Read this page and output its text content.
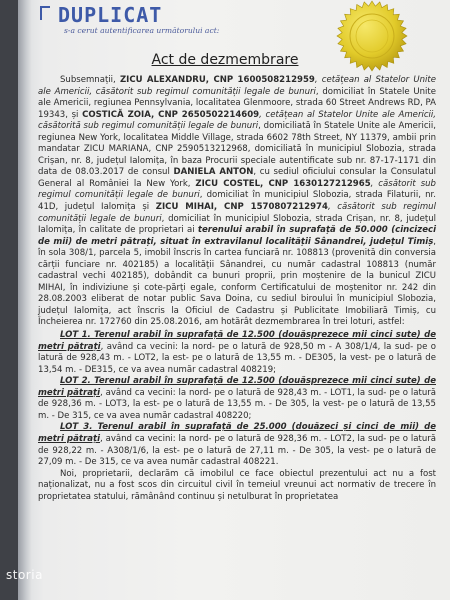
DUPLICAT
s-a cerut autentificarea următorului act:
Act de dezmembrare

Subsemnații, ZICU ALEXANDRU, CNP 1600508212959, cetățean al Statelor Unite ale Americii, căsătorit sub regimul comunității legale de bunuri, domiciliat în Statele Unite ale Americii, regiunea Pennsylvania, localitatea Glenmoore, strada 60 Street Andrews RD, PA 19343, și COSTICĂ ZOIA, CNP 2650502214609, cetățean al Statelor Unite ale Americii, căsătorită sub regimul comunității legale de bunuri, domiciliată în Statele Unite ale Americii, regiunea New York, localitatea Middle Village, strada 6602 78th Street, NY 11379, ambii prin mandatar ZICU MARIANA, CNP 2590513212968, domiciliată în municipiul Slobozia, strada Crișan, nr. 8, județul Ialomița, în baza Procurii speciale autentificate sub nr. 87-17-1171 din data de 08.03.2017 de consul DANIELA ANTON, cu sediul oficiului consular la Consulatul General al României la New York, ZICU COSTEL, CNP 1630127212965, căsătorit sub regimul comunității legale de bunuri, domiciliat în municipiul Slobozia, strada Filaturii, nr. 41D, județul Ialomița și ZICU MIHAI, CNP 1570807212974, căsătorit sub regimul comunității legale de bunuri, domiciliat în municipiul Slobozia, strada Crișan, nr. 8, județul Ialomița, în calitate de proprietari ai terenului arabil în suprafață de 50.000 (cincizeci de mii) de metri pătrați, situat în extravilanul localității Sânandrei, județul Timiș, în sola 308/1, parcela 5, imobil înscris în cartea funciară nr. 108813 (provenită din conversia cărții funciare nr. 402185) a localității Sânandrei, cu număr cadastral 108813 (număr cadastral vechi 402185), dobândit ca bunuri proprii, prin moștenire de la bunicul ZICU MIHAI, în indiviziune și cote-părți egale, conform Certificatului de moștenitor nr. 242 din 28.08.2003 eliberat de notar public Sava Doina, cu sediul biroului în municipiul Slobozia, județul Ialomița, act înscris la Oficiul de Cadastru și Publicitate Imobiliară Timiș, cu Încheierea nr. 172760 din 25.08.2016, am hotărât dezmembrarea în trei loturi, astfel:

LOT 1. Terenul arabil în suprafață de 12.500 (douăsprezece mii cinci sute) de metri pătrați, având ca vecini: la nord- pe o latură de 928,50 m - A 308/1/4, la sud- pe o latură de 928,43 m. - LOT2, la est- pe o latură de 13,55 m. - DE305, la vest- pe o latură de 13,54 m. - DE315, ce va avea număr cadastral 408219;

LOT 2. Terenul arabil în suprafață de 12.500 (douăsprezece mii cinci sute) de metri pătrați, având ca vecini: la nord- pe o latură de 928,43 m. - LOT1, la sud- pe o latură de 928,36 m. - LOT3, la est- pe o latură de 13,55 m. - De 305, la vest- pe o latură de 13,55 m. - De 315, ce va avea număr cadastral 408220;

LOT 3. Terenul arabil în suprafață de 25.000 (douăzeci și cinci de mii) de metri pătrați, având ca vecini: la nord- pe o latură de 928,36 m. - LOT2, la sud- pe o latură de 928,22 m. - A308/1/6, la est- pe o latură de 27,11 m. - De 305, la vest- pe o latură de 27,09 m. - De 315, ce va avea număr cadastral 408221.

Noi, proprietarii, declarăm că imobilul ce face obiectul prezentului act nu a fost naționalizat, nu a fost scos din circuitul civil în temeiul vreunui act normativ de trecere în proprietatea statului, rămânând continuu și netulburat în proprietatea

storia
